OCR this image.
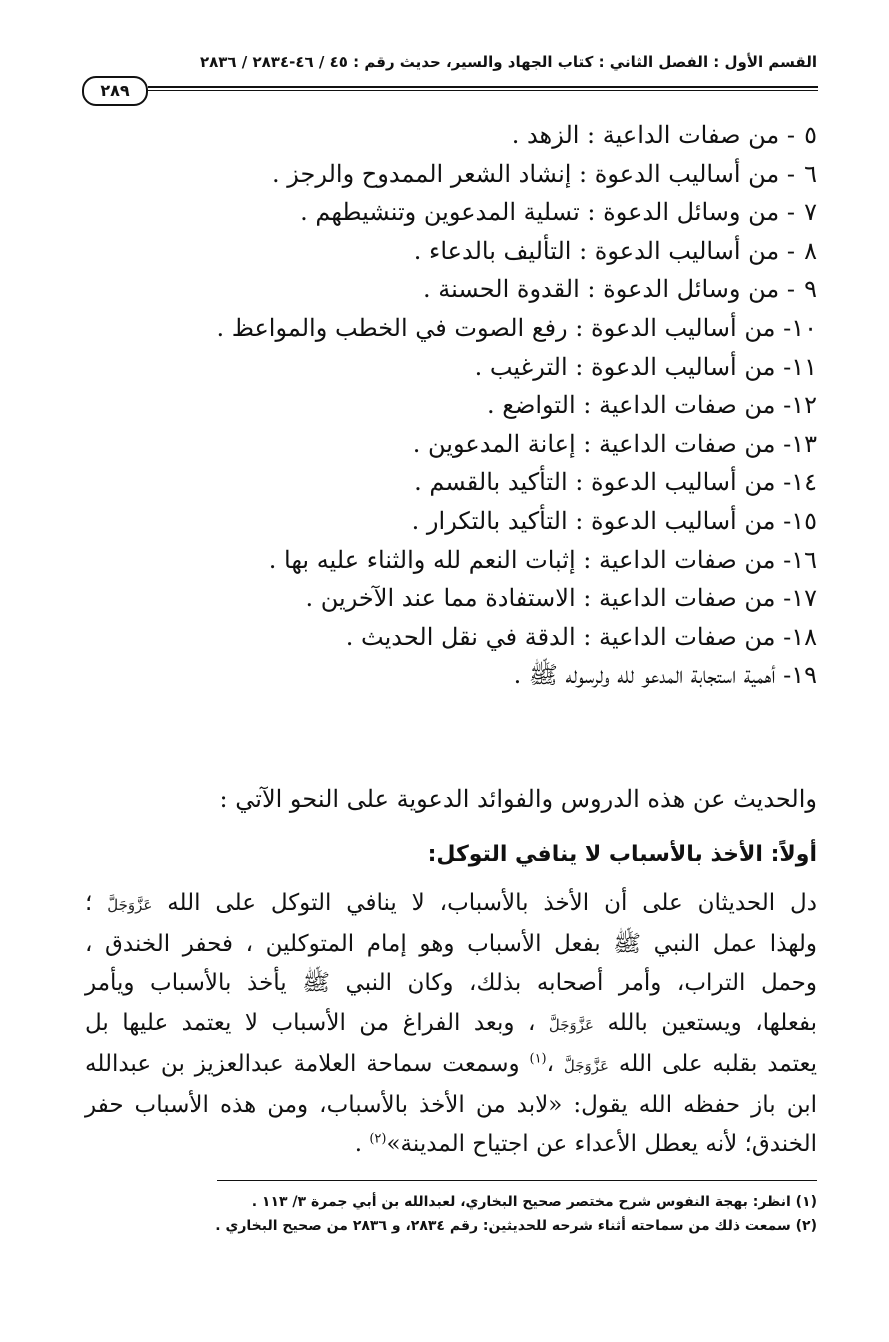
القسم الأول : الفصل الثاني : كتاب الجهاد والسير، حديث رقم : ٤٥ / ٤٦-٢٨٣٤ / ٢٨٣٦
٢٨٩
٥- من صفات الداعية : الزهد .
٦- من أساليب الدعوة : إنشاد الشعر الممدوح والرجز .
٧- من وسائل الدعوة : تسلية المدعوين وتنشيطهم .
٨- من أساليب الدعوة : التأليف بالدعاء .
٩- من وسائل الدعوة : القدوة الحسنة .
١٠- من أساليب الدعوة : رفع الصوت في الخطب والمواعظ .
١١- من أساليب الدعوة : الترغيب .
١٢- من صفات الداعية : التواضع .
١٣- من صفات الداعية : إعانة المدعوين .
١٤- من أساليب الدعوة : التأكيد بالقسم .
١٥- من أساليب الدعوة : التأكيد بالتكرار .
١٦- من صفات الداعية : إثبات النعم لله والثناء عليه بها .
١٧- من صفات الداعية : الاستفادة مما عند الآخرين .
١٨- من صفات الداعية : الدقة في نقل الحديث .
١٩- أهمية استجابة المدعو لله ولرسوله ﷺ .
والحديث عن هذه الدروس والفوائد الدعوية على النحو الآتي :
أولاً: الأخذ بالأسباب لا ينافي التوكل:
دل الحديثان على أن الأخذ بالأسباب، لا ينافي التوكل على الله عَزَّوَجَلَّ ؛
ولهذا عمل النبي ﷺ بفعل الأسباب وهو إمام المتوكلين ، فحفر الخندق ،
وحمل التراب، وأمر أصحابه بذلك، وكان النبي ﷺ يأخذ بالأسباب ويأمر
بفعلها، ويستعين بالله عَزَّوَجَلَّ ، وبعد الفراغ من الأسباب لا يعتمد عليها بل
يعتمد بقلبه على الله عَزَّوَجَلَّ ،$^{(١)}$ وسمعت سماحة العلامة عبدالعزيز بن عبدالله
ابن باز حفظه الله يقول: «لابد من الأخذ بالأسباب، ومن هذه الأسباب حفر
الخندق؛ لأنه يعطل الأعداء عن اجتياح المدينة»$^{(٢)}$ .
(١) انظر: بهجة النفوس شرح مختصر صحيح البخاري، لعبدالله بن أبي جمرة ٣/ ١١٣ .
(٢) سمعت ذلك من سماحته أثناء شرحه للحديثين: رقم ٢٨٣٤، و ٢٨٣٦ من صحيح البخاري .
